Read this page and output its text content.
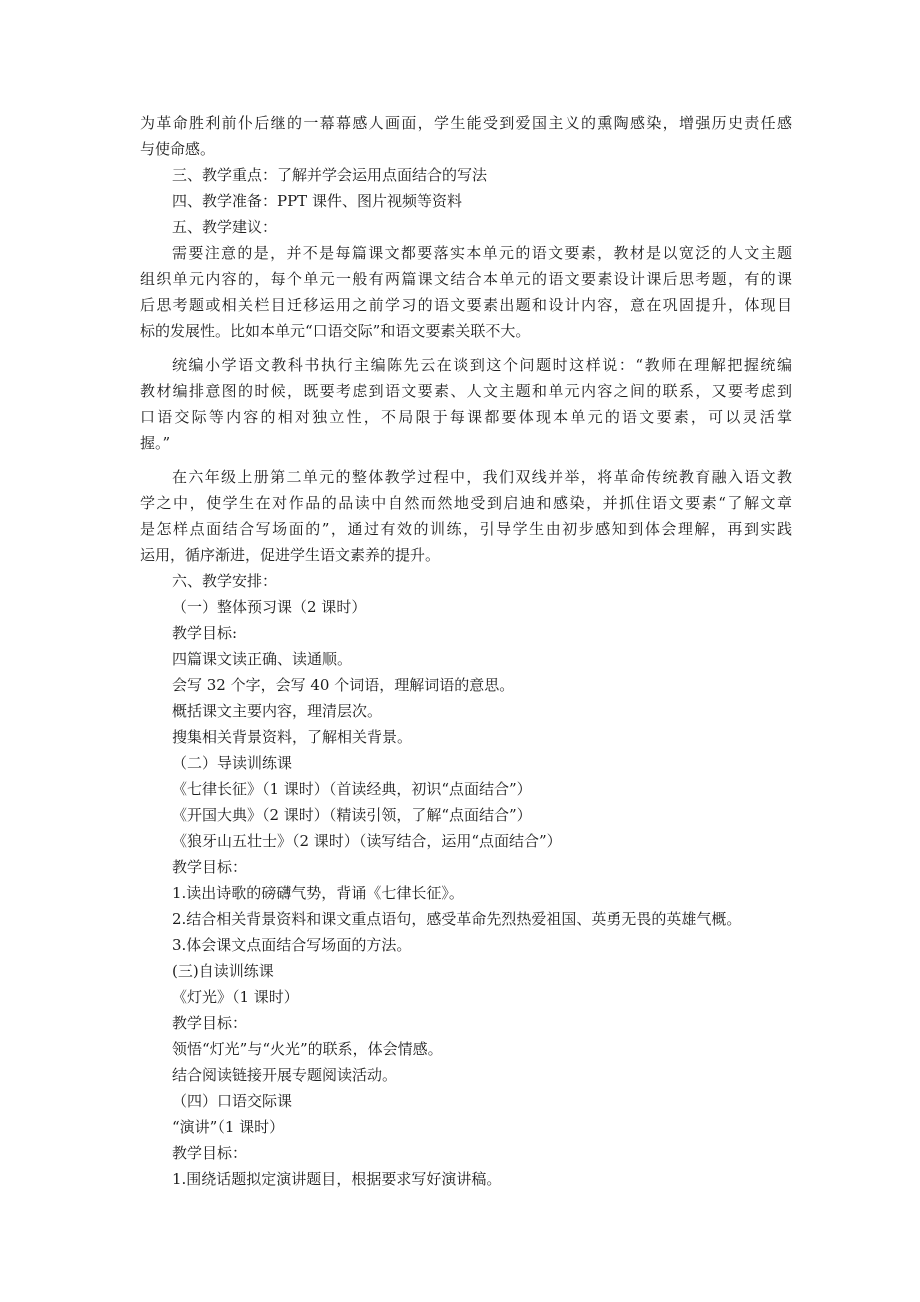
为革命胜利前仆后继的一幕幕感人画面，学生能受到爱国主义的熏陶感染，增强历史责任感
与使命感。
三、教学重点：了解并学会运用点面结合的写法
四、教学准备：PPT 课件、图片视频等资料
五、教学建议：
需要注意的是，并不是每篇课文都要落实本单元的语文要素，教材是以宽泛的人文主题
组织单元内容的，每个单元一般有两篇课文结合本单元的语文要素设计课后思考题，有的课
后思考题或相关栏目迁移运用之前学习的语文要素出题和设计内容，意在巩固提升，体现目
标的发展性。比如本单元“口语交际”和语文要素关联不大。
统编小学语文教科书执行主编陈先云在谈到这个问题时这样说：“教师在理解把握统编
教材编排意图的时候，既要考虑到语文要素、人文主题和单元内容之间的联系，又要考虑到
口语交际等内容的相对独立性，不局限于每课都要体现本单元的语文要素，可以灵活掌
握。”
在六年级上册第二单元的整体教学过程中，我们双线并举，将革命传统教育融入语文教
学之中，使学生在对作品的品读中自然而然地受到启迪和感染，并抓住语文要素“了解文章
是怎样点面结合写场面的”，通过有效的训练，引导学生由初步感知到体会理解，再到实践
运用，循序渐进，促进学生语文素养的提升。
六、教学安排：
（一）整体预习课（2 课时）
教学目标:
四篇课文读正确、读通顺。
会写 32 个字，会写 40 个词语，理解词语的意思。
概括课文主要内容，理清层次。
搜集相关背景资料，了解相关背景。
（二）导读训练课
《七律长征》（1 课时）（首读经典，初识“点面结合”）
《开国大典》（2 课时）（精读引领，了解“点面结合”）
《狼牙山五壮士》（2 课时）（读写结合，运用“点面结合”）
教学目标：
1.读出诗歌的磅礴气势，背诵《七律长征》。
2.结合相关背景资料和课文重点语句，感受革命先烈热爱祖国、英勇无畏的英雄气概。
3.体会课文点面结合写场面的方法。
(三)自读训练课
《灯光》（1 课时）
教学目标：
领悟“灯光”与“火光”的联系，体会情感。
结合阅读链接开展专题阅读活动。
（四）口语交际课
“演讲”（1 课时）
教学目标：
1.围绕话题拟定演讲题目，根据要求写好演讲稿。
